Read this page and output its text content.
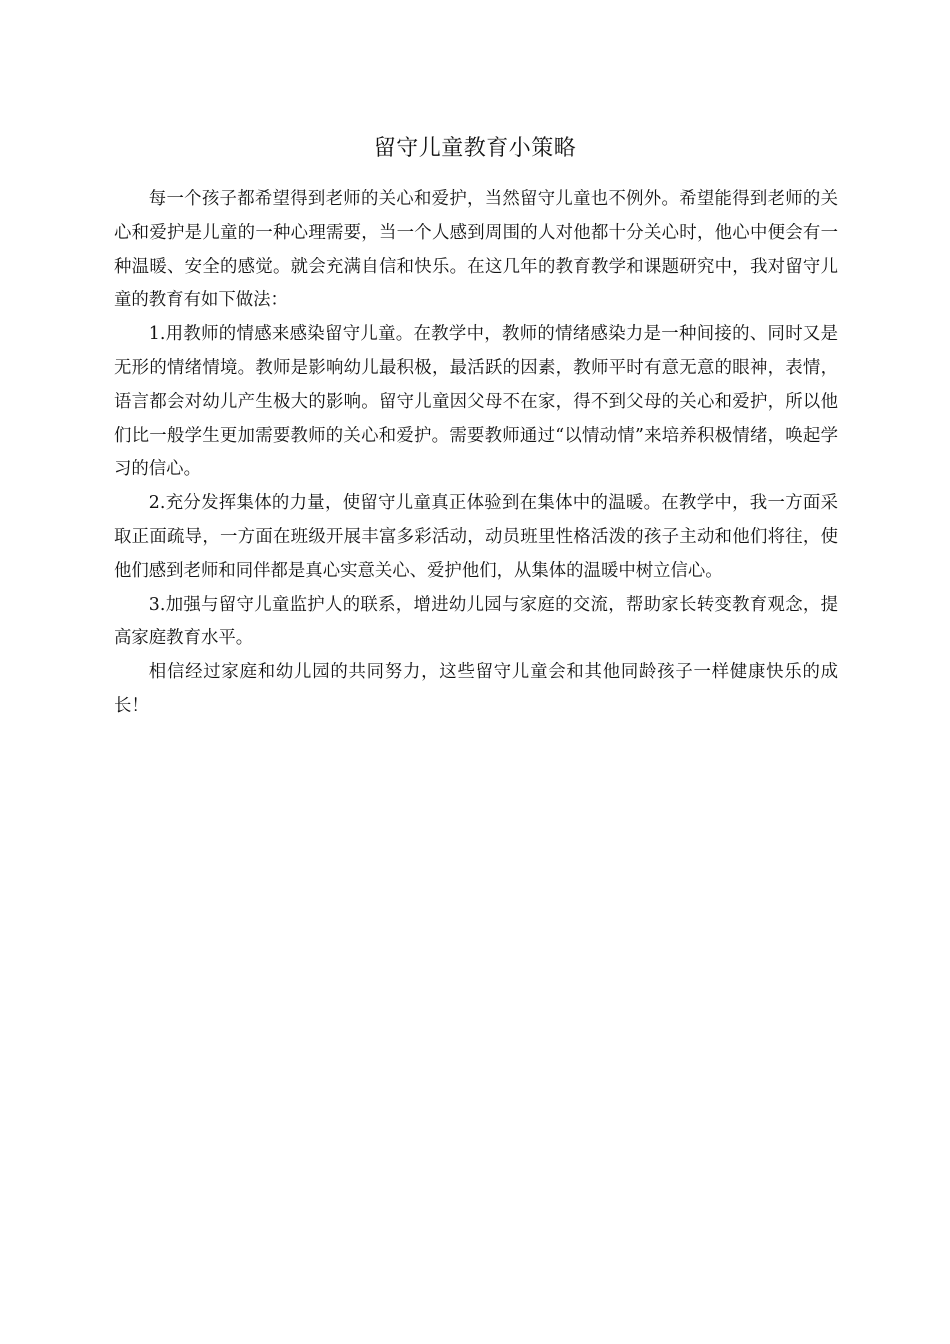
留守儿童教育小策略

每一个孩子都希望得到老师的关心和爱护，当然留守儿童也不例外。希望能得到老师的关心和爱护是儿童的一种心理需要，当一个人感到周围的人对他都十分关心时，他心中便会有一种温暖、安全的感觉。就会充满自信和快乐。在这几年的教育教学和课题研究中，我对留守儿童的教育有如下做法：

1.用教师的情感来感染留守儿童。在教学中，教师的情绪感染力是一种间接的、同时又是无形的情绪情境。教师是影响幼儿最积极，最活跃的因素，教师平时有意无意的眼神，表情，语言都会对幼儿产生极大的影响。留守儿童因父母不在家，得不到父母的关心和爱护，所以他们比一般学生更加需要教师的关心和爱护。需要教师通过“以情动情”来培养积极情绪，唤起学习的信心。

2.充分发挥集体的力量，使留守儿童真正体验到在集体中的温暖。在教学中，我一方面采取正面疏导，一方面在班级开展丰富多彩活动，动员班里性格活泼的孩子主动和他们将往，使他们感到老师和同伴都是真心实意关心、爱护他们，从集体的温暖中树立信心。

3.加强与留守儿童监护人的联系，增进幼儿园与家庭的交流，帮助家长转变教育观念，提高家庭教育水平。

相信经过家庭和幼儿园的共同努力，这些留守儿童会和其他同龄孩子一样健康快乐的成长！
